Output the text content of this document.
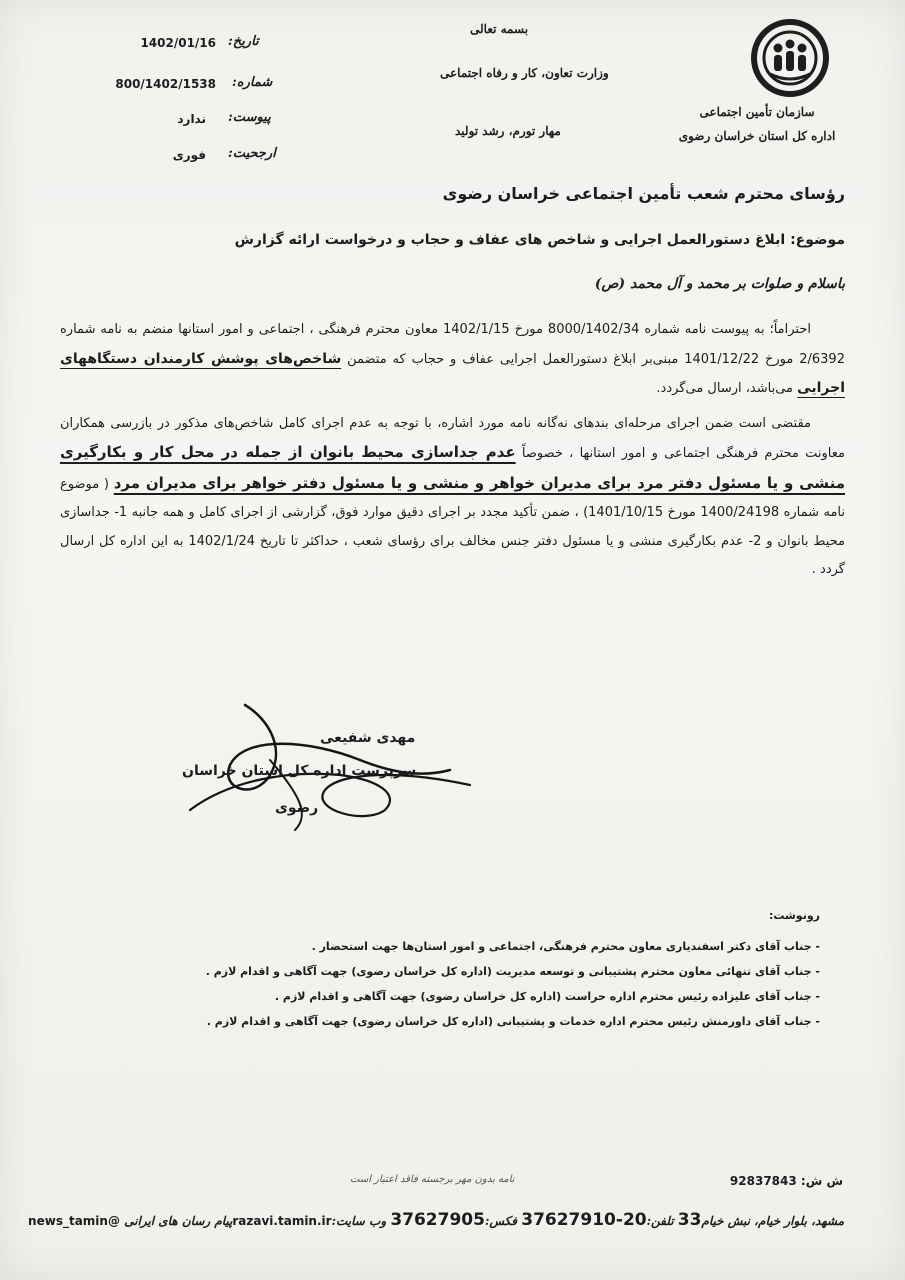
سازمان تأمین اجتماعی
اداره کل استان خراسان رضوی
بسمه تعالی
وزارت تعاون، کار و رفاه اجتماعی
مهار تورم، رشد تولید
تاریخ:
1402/01/16
شماره:
800/1402/1538
پیوست:
ندارد
ارجحیت:
فوری
رؤسای محترم شعب تأمین اجتماعی خراسان رضوی
موضوع: ابلاغ دستورالعمل اجرایی و شاخص های عفاف و حجاب و درخواست ارائه گزارش
باسلام و صلوات بر محمد و آل محمد (ص)

احتراماً؛ به پیوست نامه شماره 8000/1402/34 مورخ 1402/1/15 معاون محترم فرهنگی ، اجتماعی و امور استانها منضم به نامه شماره 2/6392 مورخ 1401/12/22 مبنی‌بر ابلاغ دستورالعمل اجرایی عفاف و حجاب که متضمن شاخص‌های پوشش کارمندان دستگاههای اجرایی می‌باشد، ارسال می‌گردد.

مقتضی است ضمن اجرای مرحله‌ای بندهای نه‌گانه نامه مورد اشاره، با توجه به عدم اجرای کامل شاخص‌های مذکور در بازرسی همکاران معاونت محترم فرهنگی اجتماعی و امور استانها ، خصوصاً عدم جداسازی محیط بانوان از جمله در محل کار و بکارگیری منشی و یا مسئول دفتر مرد برای مدیران خواهر و منشی و یا مسئول دفتر خواهر برای مدیران مرد ( موضوع نامه شماره 1400/24198 مورخ 1401/10/15) ، ضمن تأکید مجدد بر اجرای دقیق موارد فوق، گزارشی از اجرای کامل و همه جانبه 1- جداسازی محیط بانوان و 2- عدم بکارگیری منشی و یا مسئول دفتر جنس مخالف برای رؤسای شعب ، حداکثر تا تاریخ 1402/1/24 به این اداره کل ارسال گردد .

مهدی شفیعی
سرپرست اداره کل استان خراسان
رضوی
رونوشت:
- جناب آقای دکتر اسفندیاری معاون محترم فرهنگی، اجتماعی و امور استان‌ها جهت استحضار .
- جناب آقای تنهائی معاون محترم پشتیبانی و توسعه مدیریت (اداره کل خراسان رضوی) جهت آگاهی و اقدام لازم .
- جناب آقای علیزاده رئیس محترم اداره حراست (اداره کل خراسان رضوی) جهت آگاهی و اقدام لازم .
- جناب آقای داورمنش رئیس محترم اداره خدمات و پشتیبانی (اداره کل خراسان رضوی) جهت آگاهی و اقدام لازم .
نامه بدون مهر برجسته فاقد اعتبار است	ش ش: 92837843
مشهد، بلوار خیام، نبش خیام33 تلفن:20-37627910 فکس:37627905 وب سایت:razavi.tamin.irپیام رسان های ایرانی @news_tamin
